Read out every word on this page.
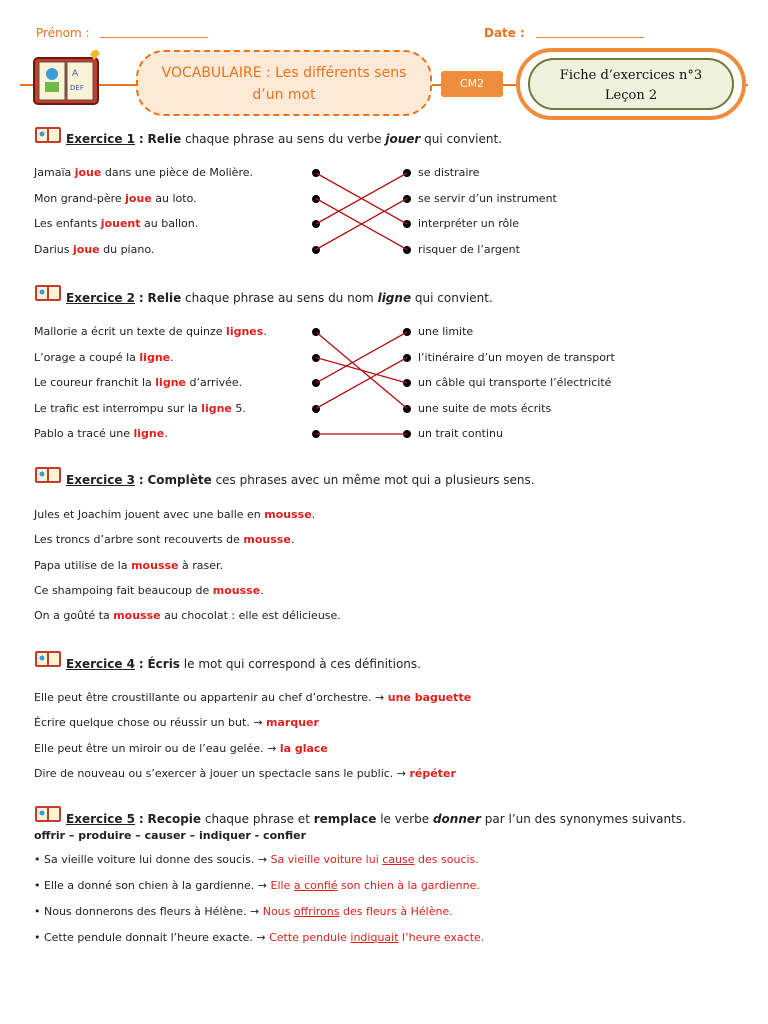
Prénom : __________________	Date : __________________
A
DEF
VOCABULAIRE : Les différents sens
d’un mot
CM2
Fiche d’exercices n°3
Leçon 2
Exercice 1 : Relie chaque phrase au sens du verbe jouer qui convient.
Jamaïa joue dans une pièce de Molière.
Mon grand-père joue au loto.
Les enfants jouent au ballon.
Darius joue du piano.
se distraire
se servir d’un instrument
interpréter un rôle
risquer de l’argent
Exercice 2 : Relie chaque phrase au sens du nom ligne qui convient.
Mallorie a écrit un texte de quinze lignes.
L’orage a coupé la ligne.
Le coureur franchit la ligne d’arrivée.
Le trafic est interrompu sur la ligne 5.
Pablo a tracé une ligne.
une limite
l’itinéraire d’un moyen de transport
un câble qui transporte l’électricité
une suite de mots écrits
un trait continu
Exercice 3 : Complète ces phrases avec un même mot qui a plusieurs sens.
Jules et Joachim jouent avec une balle en mousse.
Les troncs d’arbre sont recouverts de mousse.
Papa utilise de la mousse à raser.
Ce shampoing fait beaucoup de mousse.
On a goûté ta mousse au chocolat : elle est délicieuse.
Exercice 4 : Écris le mot qui correspond à ces définitions.
Elle peut être croustillante ou appartenir au chef d’orchestre. → une baguette
Écrire quelque chose ou réussir un but. → marquer
Elle peut être un miroir ou de l’eau gelée. → la glace
Dire de nouveau ou s’exercer à jouer un spectacle sans le public. → répéter
Exercice 5 : Recopie chaque phrase et remplace le verbe donner par l’un des synonymes suivants.
offrir – produire – causer – indiquer - confier
• Sa vieille voiture lui donne des soucis. → Sa vieille voiture lui cause des soucis.
• Elle a donné son chien à la gardienne. → Elle a confié son chien à la gardienne.
• Nous donnerons des fleurs à Hélène. → Nous offrirons des fleurs à Hélène.
• Cette pendule donnait l’heure exacte. → Cette pendule indiquait l’heure exacte.
